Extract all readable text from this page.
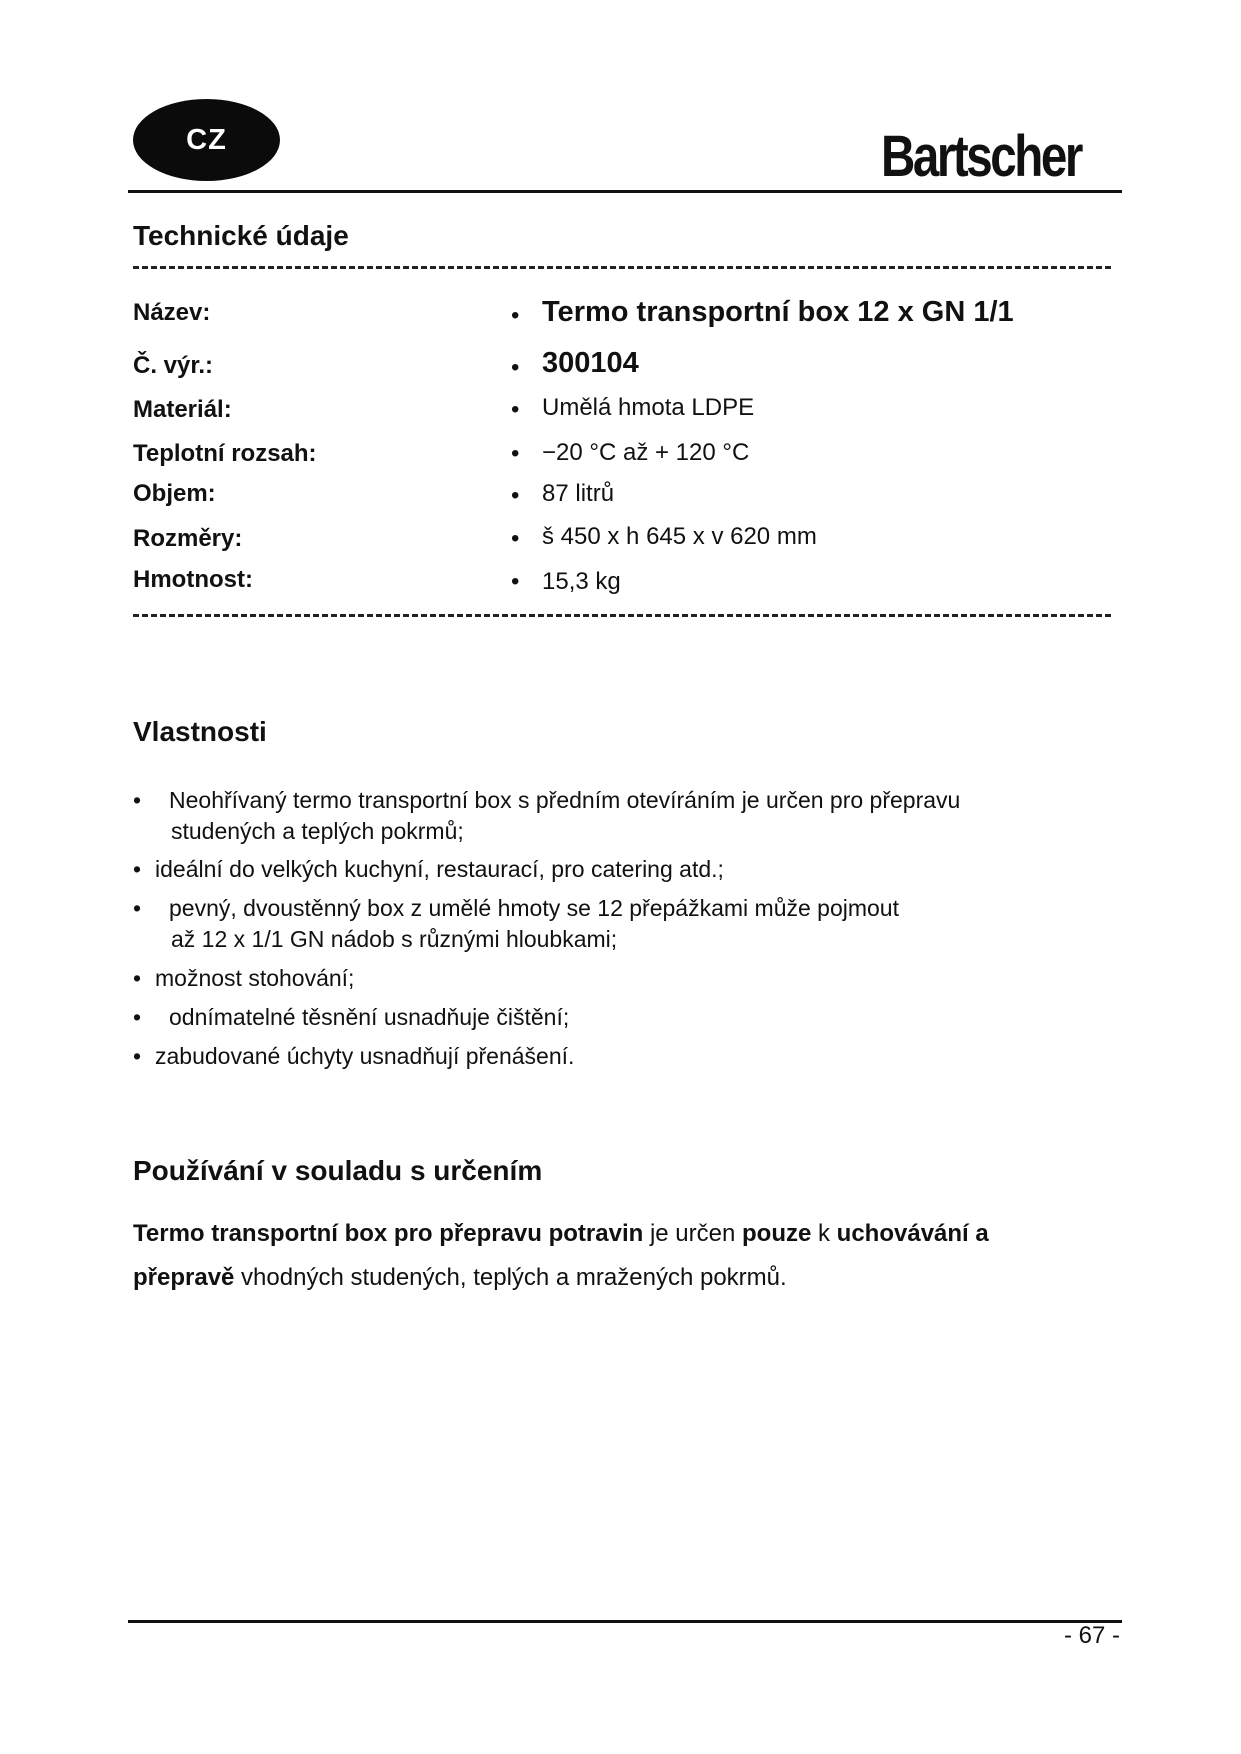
CZ	Bartscher
Technické údaje
Název:	• Termo transportní box 12 x GN 1/1
Č. výr.:	• 300104
Materiál:	• Umělá hmota LDPE
Teplotní rozsah:	• −20 °C až + 120 °C
Objem:	• 87 litrů
Rozměry:	• š 450 x h 645 x v 620 mm
Hmotnost:	• 15,3 kg
Vlastnosti
•	Neohřívaný termo transportní box s předním otevíráním je určen pro přepravu
studených a teplých pokrmů;
• ideální do velkých kuchyní, restaurací, pro catering atd.;
•	pevný, dvoustěnný box z umělé hmoty se 12 přepážkami může pojmout
až 12 x 1/1 GN nádob s různými hloubkami;
• možnost stohování;
•	odnímatelné těsnění usnadňuje čištění;
• zabudované úchyty usnadňují přenášení.
Používání v souladu s určením
Termo transportní box pro přepravu potravin je určen pouze k uchovávání a
přepravě vhodných studených, teplých a mražených pokrmů.
- 67 -
